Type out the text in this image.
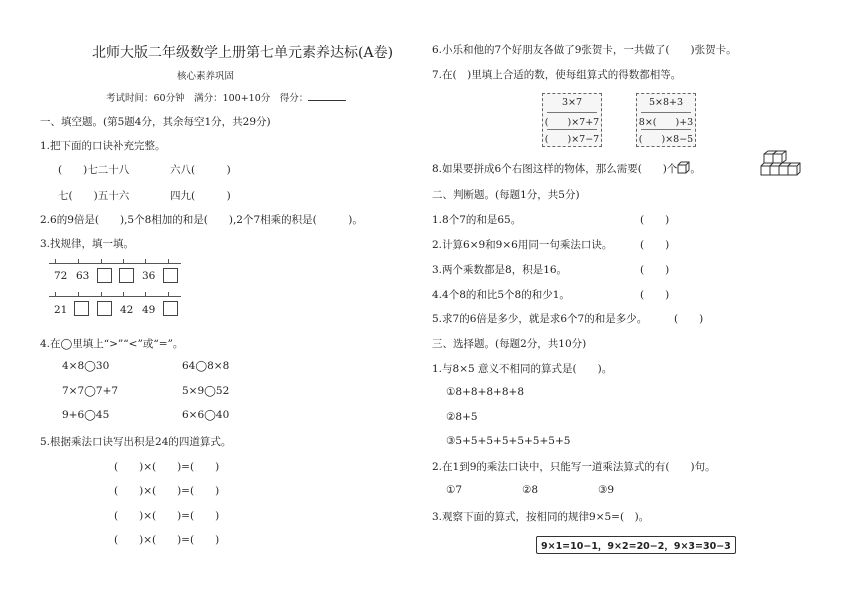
北师大版二年级数学上册第七单元素养达标(A卷)
核心素养巩固
考试时间：60分钟　满分：100+10分　得分：
一、填空题。(第5题4分，其余每空1分，共29分)
1.把下面的口诀补充完整。
(　　)七二十八	六八(　　　)
七(　　)五十六	四九(　　　)
2.6的9倍是(　　),5个8相加的和是(　　),2个7相乘的积是(　　　)。
3.找规律，填一填。
72 63	36
21	42 49
4.在◯里填上“>”“<”或“=”。
4×8◯30	64◯8×8
7×7◯7+7	5×9◯52
9+6◯45	6×6◯40
5.根据乘法口诀写出积是24的四道算式。
(　　)×(　　)=(　　)
(　　)×(　　)=(　　)
(　　)×(　　)=(　　)
(　　)×(　　)=(　　)
6.小乐和他的7个好朋友各做了9张贺卡，一共做了(　　)张贺卡。
7.在(　)里填上合适的数，使每组算式的得数都相等。
3×7
(　　)×7+7
(　　)×7−7
5×8+3
8×(　　)+3
(　　)×8−5
8.如果要拼成6个右图这样的物体，那么需要(　　)个 。
二、判断题。(每题1分，共5分)
1.8个7的和是65。	(　　)
2.计算6×9和9×6用同一句乘法口诀。	(　　)
3.两个乘数都是8，积是16。	(　　)
4.4个8的和比5个8的和少1。	(　　)
5.求7的6倍是多少，就是求6个7的和是多少。	(　　)
三、选择题。(每题2分，共10分)
1.与8×5 意义不相同的算式是(　　)。
①8+8+8+8+8
②8+5
③5+5+5+5+5+5+5+5
2.在1到9的乘法口诀中，只能写一道乘法算式的有(　　)句。
①7	②8	③9
3.观察下面的算式，按相同的规律9×5=(　)。
9×1=10−1，9×2=20−2，9×3=30−3
